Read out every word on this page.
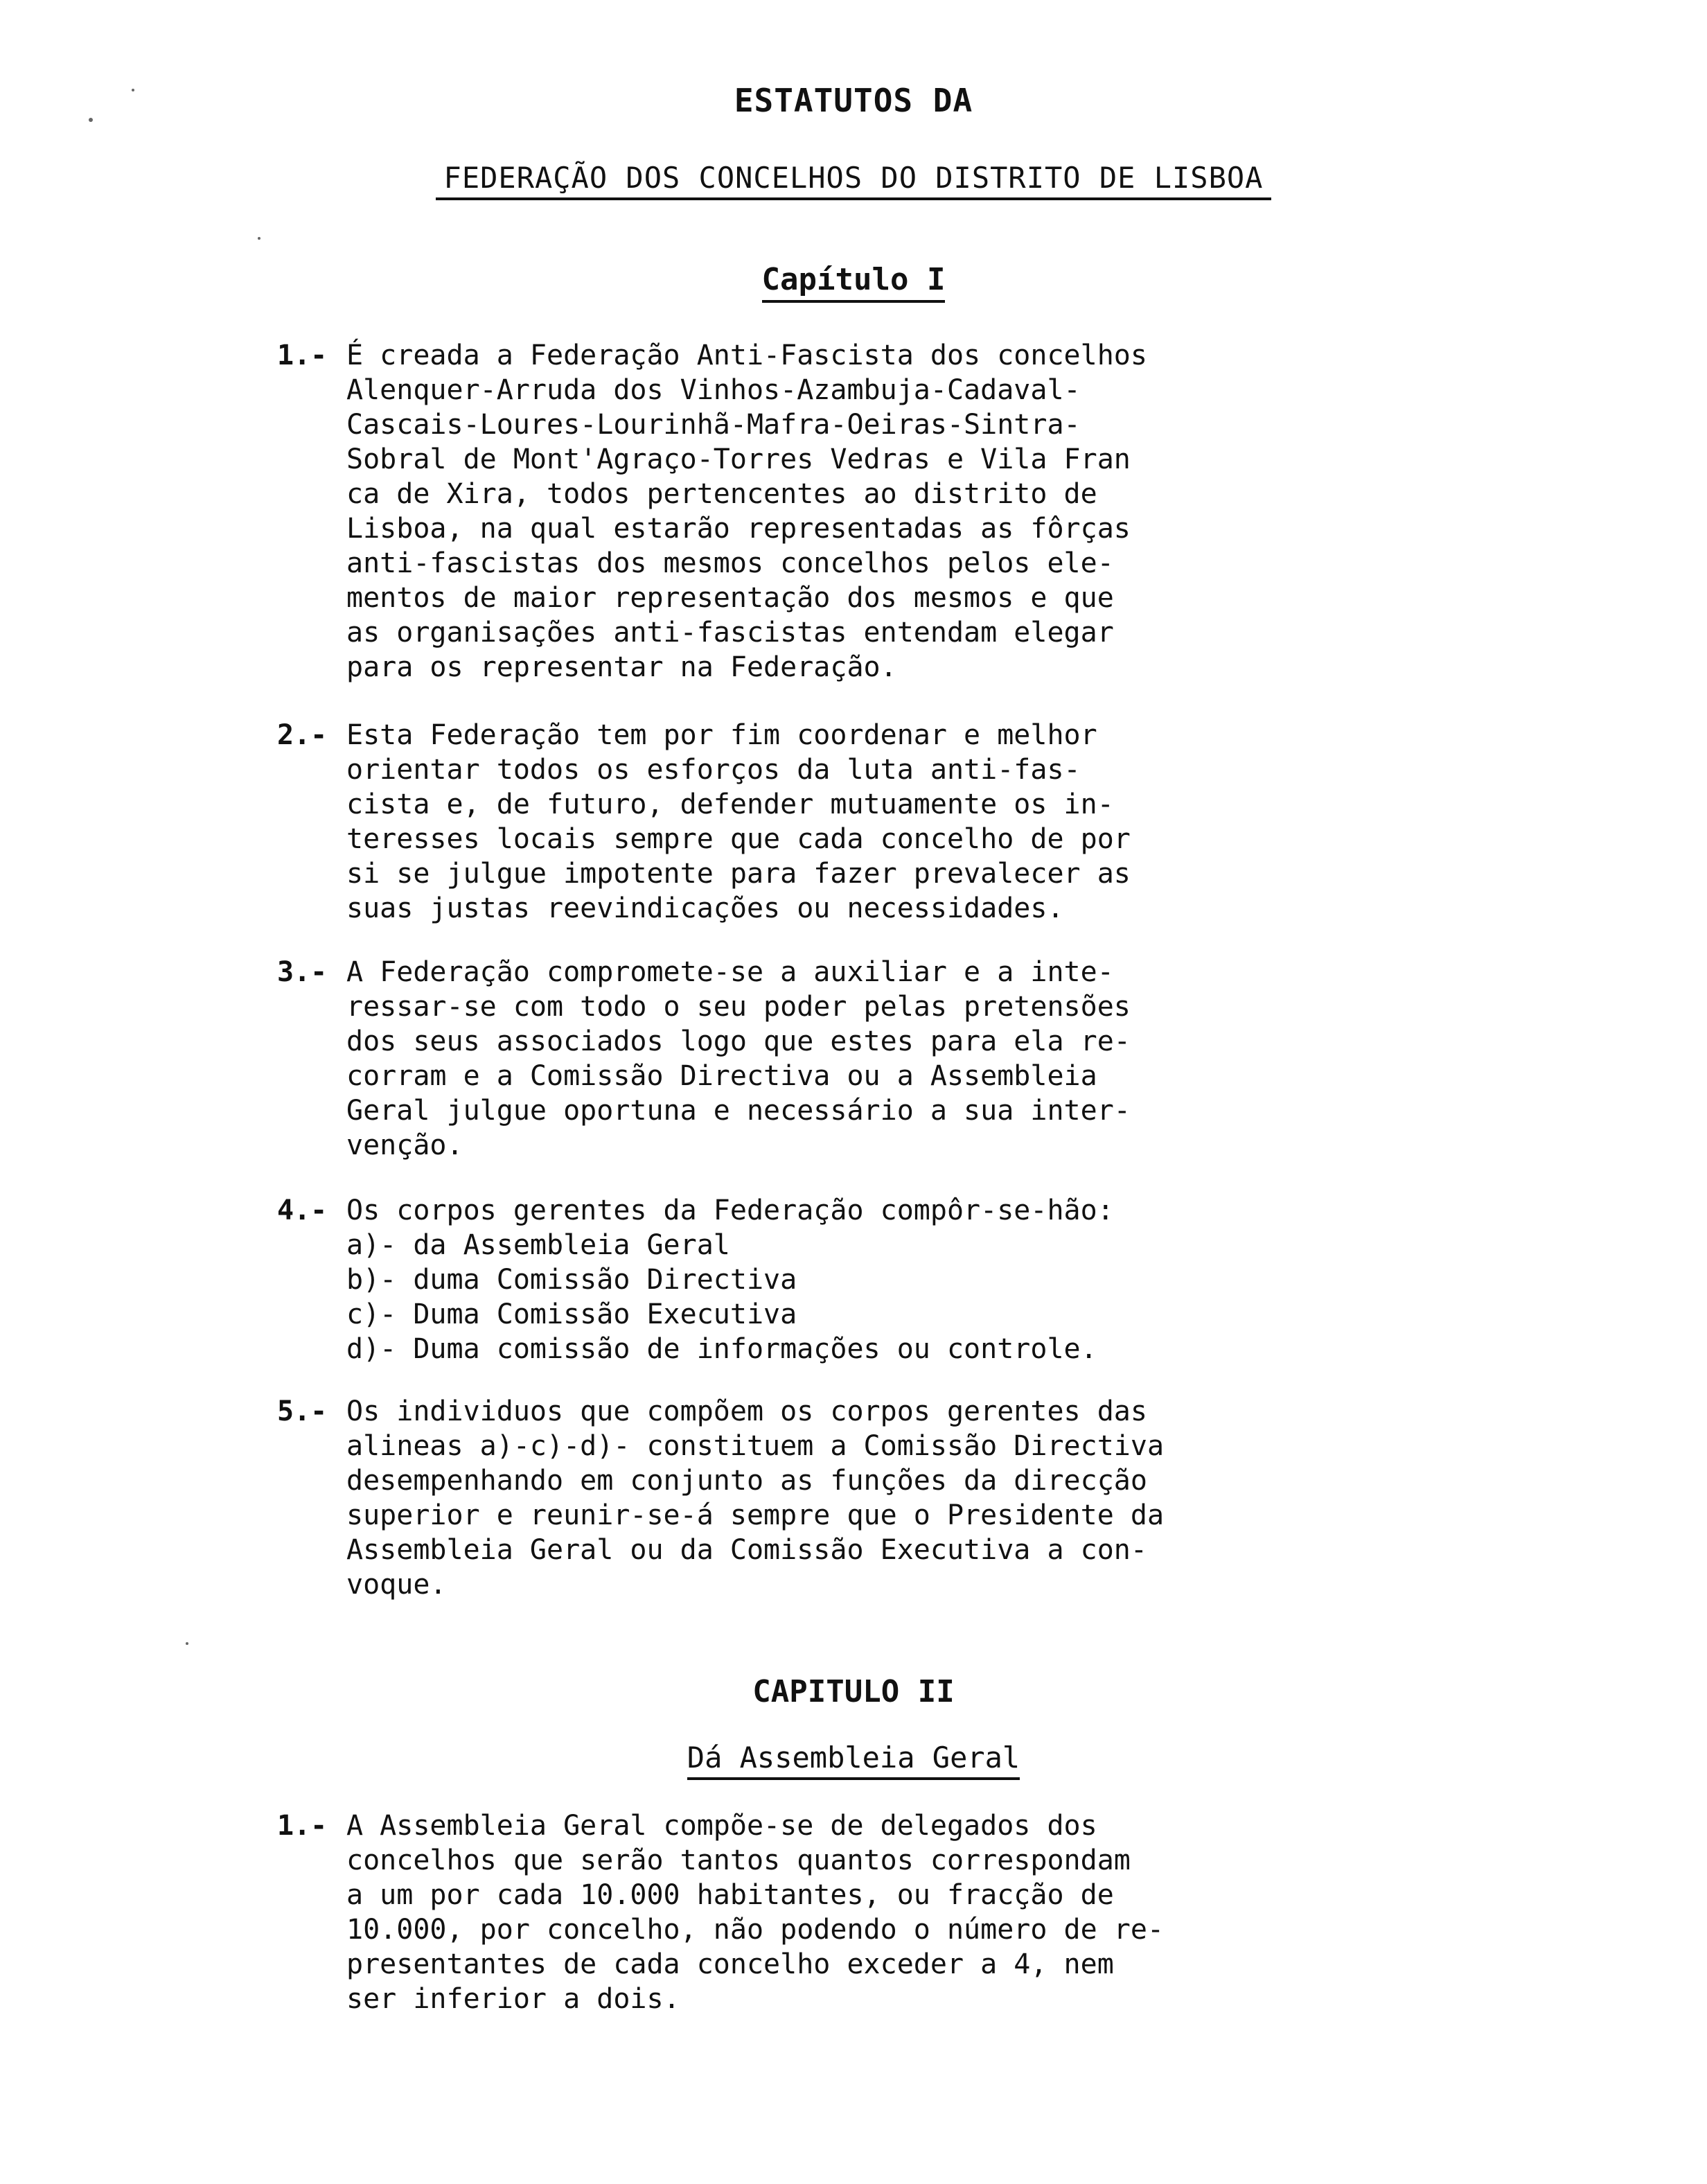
ESTATUTOS DA
FEDERAÇÃO DOS CONCELHOS DO DISTRITO DE LISBOA
Capítulo I
1.- É creada a Federação Anti-Fascista dos concelhos
Alenquer-Arruda dos Vinhos-Azambuja-Cadaval-
Cascais-Loures-Lourinhã-Mafra-Oeiras-Sintra-
Sobral de Mont'Agraço-Torres Vedras e Vila Fran
ca de Xira, todos pertencentes ao distrito de
Lisboa, na qual estarão representadas as fôrças
anti-fascistas dos mesmos concelhos pelos ele-
mentos de maior representação dos mesmos e que
as organisações anti-fascistas entendam elegar
para os representar na Federação.
2.- Esta Federação tem por fim coordenar e melhor
orientar todos os esforços da luta anti-fas-
cista e, de futuro, defender mutuamente os in-
teresses locais sempre que cada concelho de por
si se julgue impotente para fazer prevalecer as
suas justas reevindicações ou necessidades.
3.- A Federação compromete-se a auxiliar e a inte-
ressar-se com todo o seu poder pelas pretensões
dos seus associados logo que estes para ela re-
corram e a Comissão Directiva ou a Assembleia
Geral julgue oportuna e necessário a sua inter-
venção.
4.- Os corpos gerentes da Federação compôr-se-hão:
a)- da Assembleia Geral
b)- duma Comissão Directiva
c)- Duma Comissão Executiva
d)- Duma comissão de informações ou controle.
5.- Os individuos que compõem os corpos gerentes das
alineas a)-c)-d)- constituem a Comissão Directiva
desempenhando em conjunto as funções da direcção
superior e reunir-se-á sempre que o Presidente da
Assembleia Geral ou da Comissão Executiva a con-
voque.
CAPITULO II
Dá Assembleia Geral
1.- A Assembleia Geral compõe-se de delegados dos
concelhos que serão tantos quantos correspondam
a um por cada 10.000 habitantes, ou fracção de
10.000, por concelho, não podendo o número de re-
presentantes de cada concelho exceder a 4, nem
ser inferior a dois.
